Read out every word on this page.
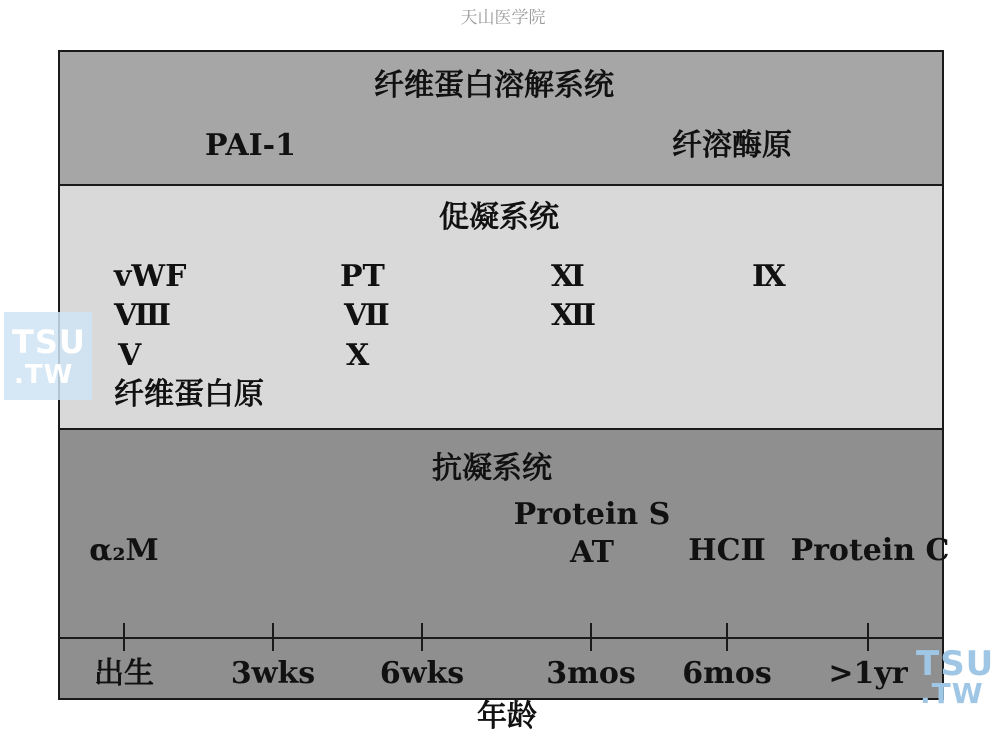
天山医学院
纤维蛋白溶解系统
PAI-1	纤溶酶原
促凝系统
vWF
Ⅷ
Ⅴ
纤维蛋白原
PT
Ⅶ
Ⅹ
Ⅺ
Ⅻ
Ⅸ
抗凝系统
α₂M
Protein S
AT HCⅡ Protein C
出生	3wks 6wks	3mos 6mos >1yr
年龄
TSU
.TW
TSU
.TW
